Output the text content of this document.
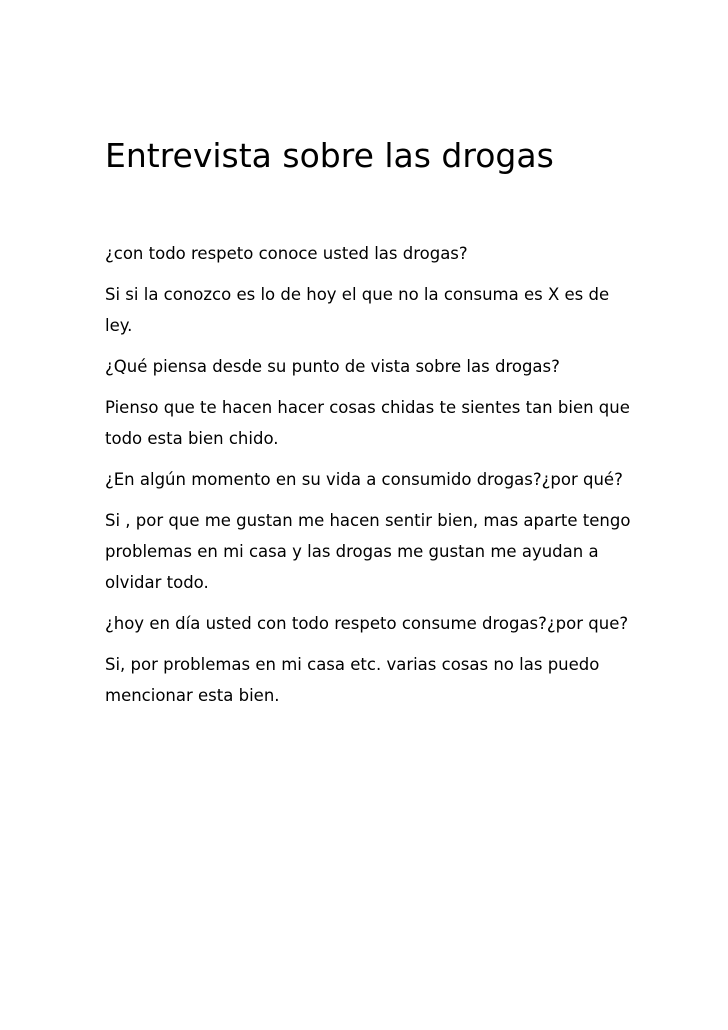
Entrevista sobre las drogas

¿con todo respeto conoce usted las drogas?

Si si la conozco es lo de hoy el que no la consuma es X es de ley.

¿Qué piensa desde su punto de vista sobre las drogas?

Pienso que te hacen hacer cosas chidas te sientes tan bien que todo esta bien chido.

¿En algún momento en su vida a consumido drogas?¿por qué?

Si , por que me gustan me hacen sentir bien, mas aparte tengo problemas en mi casa y las drogas me gustan me ayudan a olvidar todo.

¿hoy en día usted con todo respeto consume drogas?¿por que?

Si, por problemas en mi casa etc. varias cosas no las puedo mencionar esta bien.
